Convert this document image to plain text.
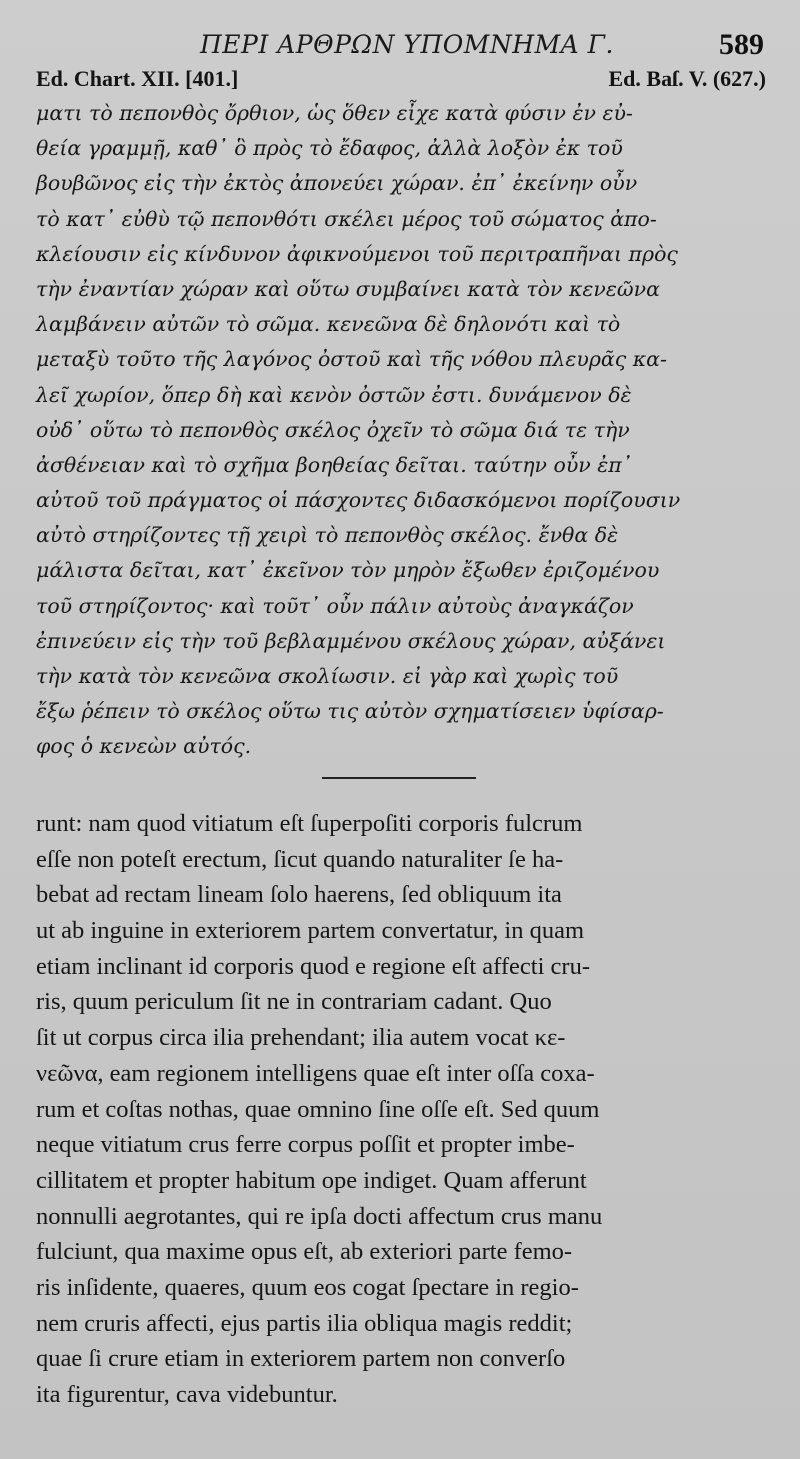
ΠΕΡΙ ΑΡΘΡΩΝ ΥΠΟΜΝΗΜΑ Γ.	589
Ed. Chart. XII. [401.]	Ed. Baſ. V. (627.)
ματι τὸ πεπονθὸς ὄρθιον, ὡς ὅθεν εἶχε κατὰ φύσιν ἐν εὐ-
θεία γραμμῇ, καθ᾽ ὃ πρὸς τὸ ἔδαφος, ἀλλὰ λοξὸν ἐκ τοῦ
βουβῶνος εἰς τὴν ἐκτὸς ἀπονεύει χώραν. ἐπ᾽ ἐκείνην οὖν
τὸ κατ᾽ εὐθὺ τῷ πεπονθότι σκέλει μέρος τοῦ σώματος ἀπο-
κλείουσιν εἰς κίνδυνον ἀφικνούμενοι τοῦ περιτραπῆναι πρὸς
τὴν ἐναντίαν χώραν καὶ οὕτω συμβαίνει κατὰ τὸν κενεῶνα
λαμβάνειν αὐτῶν τὸ σῶμα. κενεῶνα δὲ δηλονότι καὶ τὸ
μεταξὺ τοῦτο τῆς λαγόνος ὀστοῦ καὶ τῆς νόθου πλευρᾶς κα-
λεῖ χωρίον, ὅπερ δὴ καὶ κενὸν ὀστῶν ἐστι. δυνάμενον δὲ
οὐδ᾽ οὕτω τὸ πεπονθὸς σκέλος ὀχεῖν τὸ σῶμα διά τε τὴν
ἀσθένειαν καὶ τὸ σχῆμα βοηθείας δεῖται. ταύτην οὖν ἐπ᾽
αὐτοῦ τοῦ πράγματος οἱ πάσχοντες διδασκόμενοι πορίζουσιν
αὐτὸ στηρίζοντες τῇ χειρὶ τὸ πεπονθὸς σκέλος. ἔνθα δὲ
μάλιστα δεῖται, κατ᾽ ἐκεῖνον τὸν μηρὸν ἔξωθεν ἐριζομένου
τοῦ στηρίζοντος· καὶ τοῦτ᾽ οὖν πάλιν αὐτοὺς ἀναγκάζον
ἐπινεύειν εἰς τὴν τοῦ βεβλαμμένου σκέλους χώραν, αὐξάνει
τὴν κατὰ τὸν κενεῶνα σκολίωσιν. εἰ γὰρ καὶ χωρὶς τοῦ
ἔξω ῥέπειν τὸ σκέλος οὕτω τις αὐτὸν σχηματίσειεν ὑφίσαρ-
φος ὁ κενεὼν αὐτός.
runt: nam quod vitiatum eſt ſuperpoſiti corporis fulcrum
eſſe non poteſt erectum, ſicut quando naturaliter ſe ha-
bebat ad rectam lineam ſolo haerens, ſed obliquum ita
ut ab inguine in exteriorem partem convertatur, in quam
etiam inclinant id corporis quod e regione eſt affecti cru-
ris, quum periculum ſit ne in contrariam cadant. Quo
ſit ut corpus circa ilia prehendant; ilia autem vocat κε-
νεῶνα, eam regionem intelligens quae eſt inter oſſa coxa-
rum et coſtas nothas, quae omnino ſine oſſe eſt. Sed quum
neque vitiatum crus ferre corpus poſſit et propter imbe-
cillitatem et propter habitum ope indiget. Quam afferunt
nonnulli aegrotantes, qui re ipſa docti affectum crus manu
fulciunt, qua maxime opus eſt, ab exteriori parte femo-
ris inſidente, quaeres, quum eos cogat ſpectare in regio-
nem cruris affecti, ejus partis ilia obliqua magis reddit;
quae ſi crure etiam in exteriorem partem non converſo
ita figurentur, cava videbuntur.
